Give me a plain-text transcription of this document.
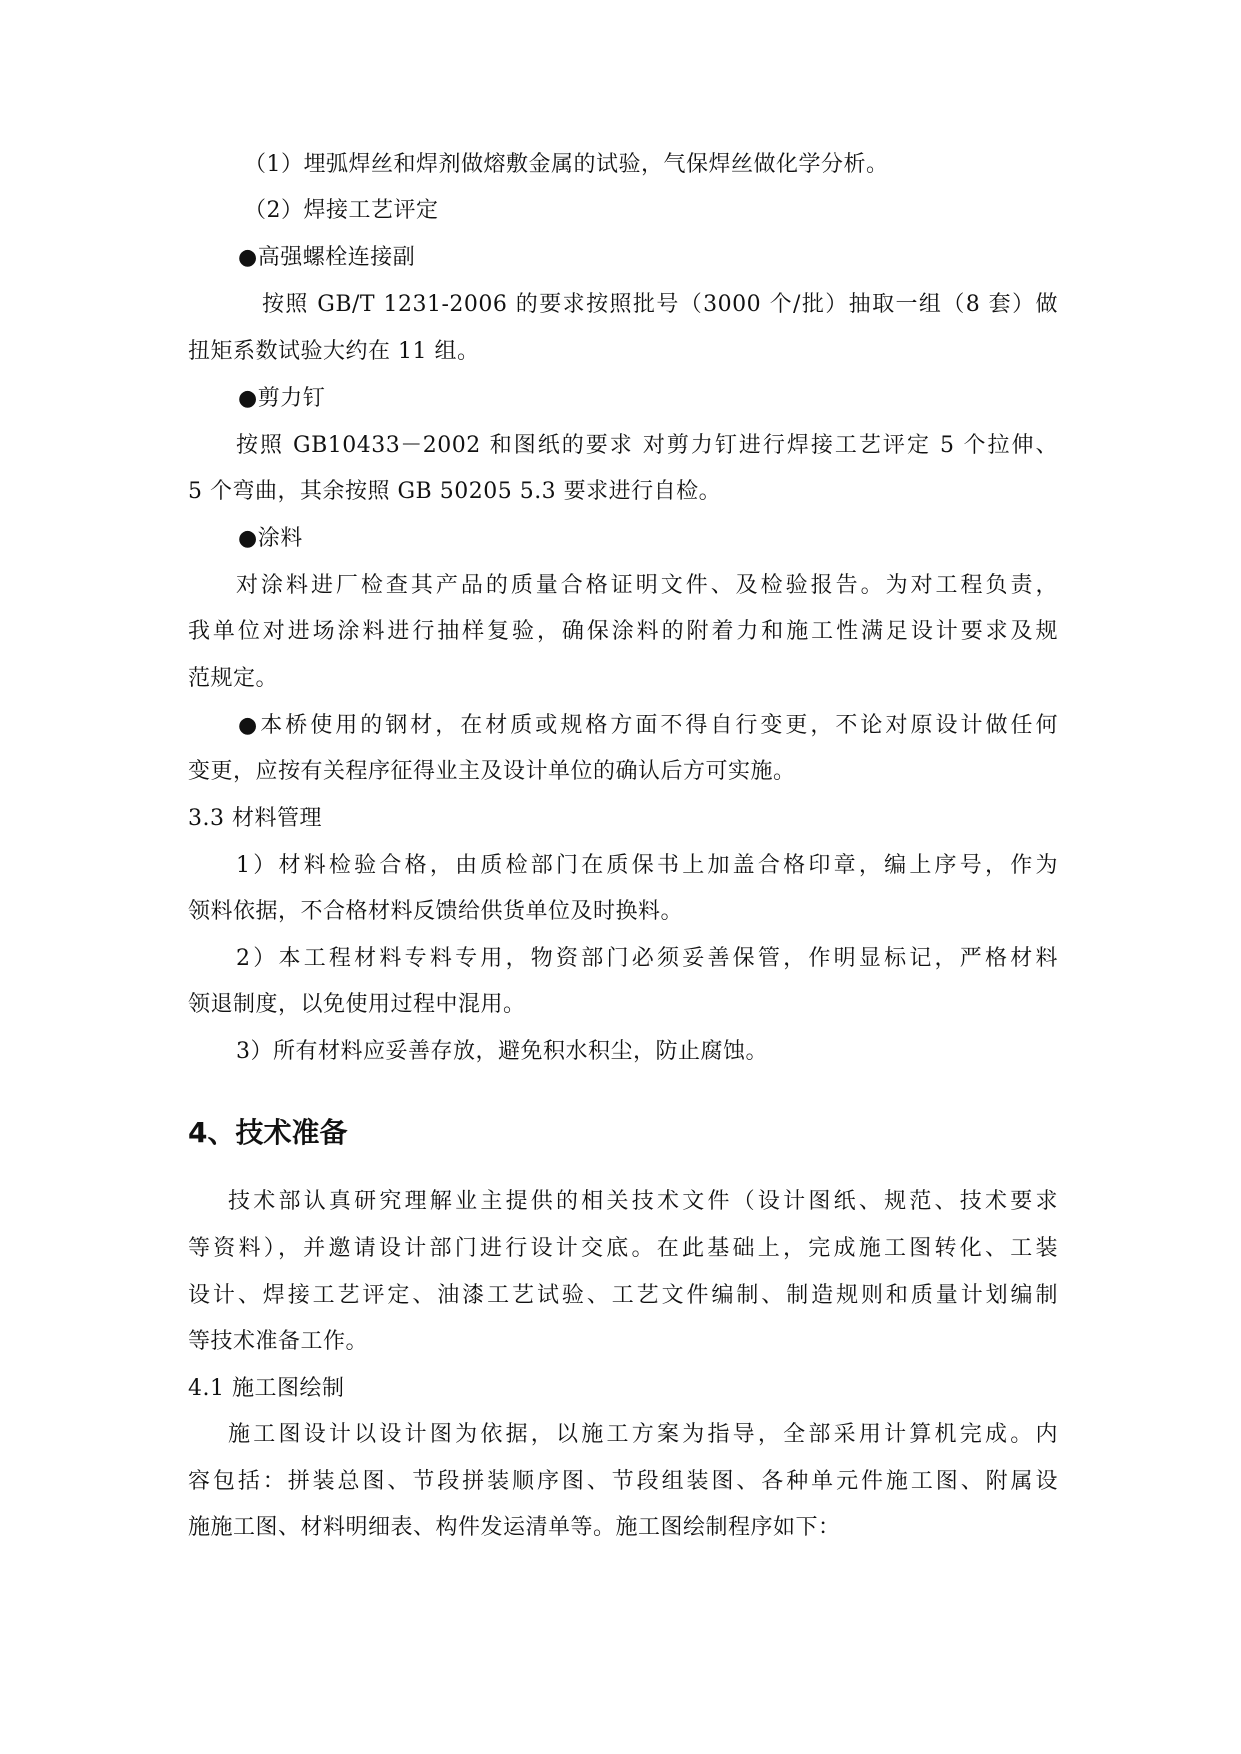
（1）埋弧焊丝和焊剂做熔敷金属的试验，气保焊丝做化学分析。
（2）焊接工艺评定
●高强螺栓连接副
按照 GB/T 1231-2006 的要求按照批号（3000 个/批）抽取一组（8 套）做
扭矩系数试验大约在 11 组。
●剪力钉
按照 GB10433－2002 和图纸的要求 对剪力钉进行焊接工艺评定 5 个拉伸、
5 个弯曲，其余按照 GB 50205 5.3 要求进行自检。
●涂料
对涂料进厂检查其产品的质量合格证明文件、及检验报告。为对工程负责，
我单位对进场涂料进行抽样复验，确保涂料的附着力和施工性满足设计要求及规
范规定。
●本桥使用的钢材，在材质或规格方面不得自行变更，不论对原设计做任何
变更，应按有关程序征得业主及设计单位的确认后方可实施。
3.3 材料管理
1）材料检验合格，由质检部门在质保书上加盖合格印章，编上序号，作为
领料依据，不合格材料反馈给供货单位及时换料。
2）本工程材料专料专用，物资部门必须妥善保管，作明显标记，严格材料
领退制度，以免使用过程中混用。
3）所有材料应妥善存放，避免积水积尘，防止腐蚀。
4、技术准备
技术部认真研究理解业主提供的相关技术文件（设计图纸、规范、技术要求
等资料），并邀请设计部门进行设计交底。在此基础上，完成施工图转化、工装
设计、焊接工艺评定、油漆工艺试验、工艺文件编制、制造规则和质量计划编制
等技术准备工作。
4.1 施工图绘制
施工图设计以设计图为依据，以施工方案为指导，全部采用计算机完成。内
容包括：拼装总图、节段拼装顺序图、节段组装图、各种单元件施工图、附属设
施施工图、材料明细表、构件发运清单等。施工图绘制程序如下：
